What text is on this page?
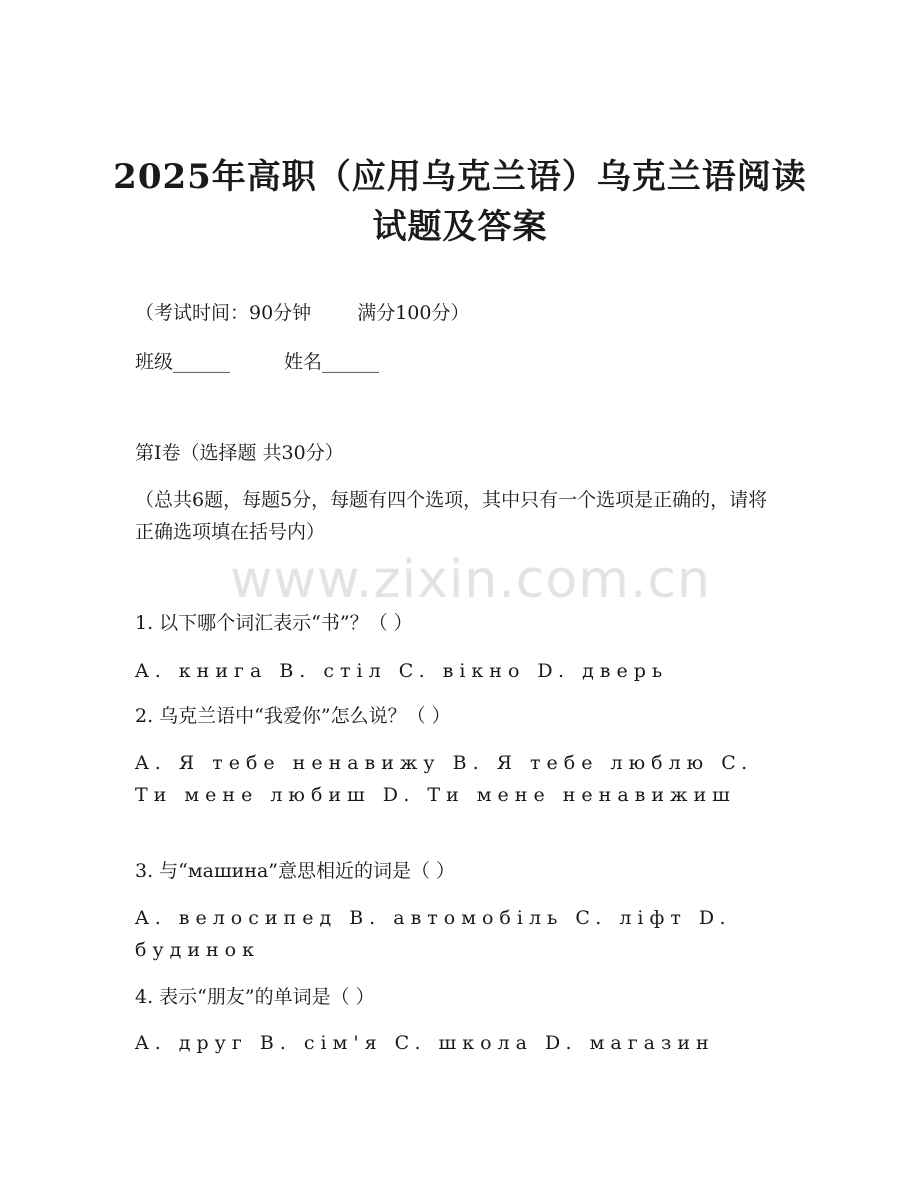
2025年高职（应用乌克兰语）乌克兰语阅读
试题及答案
（考试时间：90分钟 满分100分）
班级______	姓名______
第I卷（选择题 共30分）
（总共6题，每题5分，每题有四个选项，其中只有一个选项是正确的，请将正确选项填在括号内）
www.zixin.com.cn
1. 以下哪个词汇表示“书”？（ ）
A. книга B. стіл C. вікно D. дверь
2. 乌克兰语中“我爱你”怎么说？（ ）
A. Я тебе ненавижу B. Я тебе люблю C. Ти мене любиш D. Ти мене ненавижиш
3. 与“машина”意思相近的词是（ ）
A. велосипед B. автомобіль C. ліфт D. будинок
4. 表示“朋友”的单词是（ ）
A. друг B. сім'я C. школа D. магазин
